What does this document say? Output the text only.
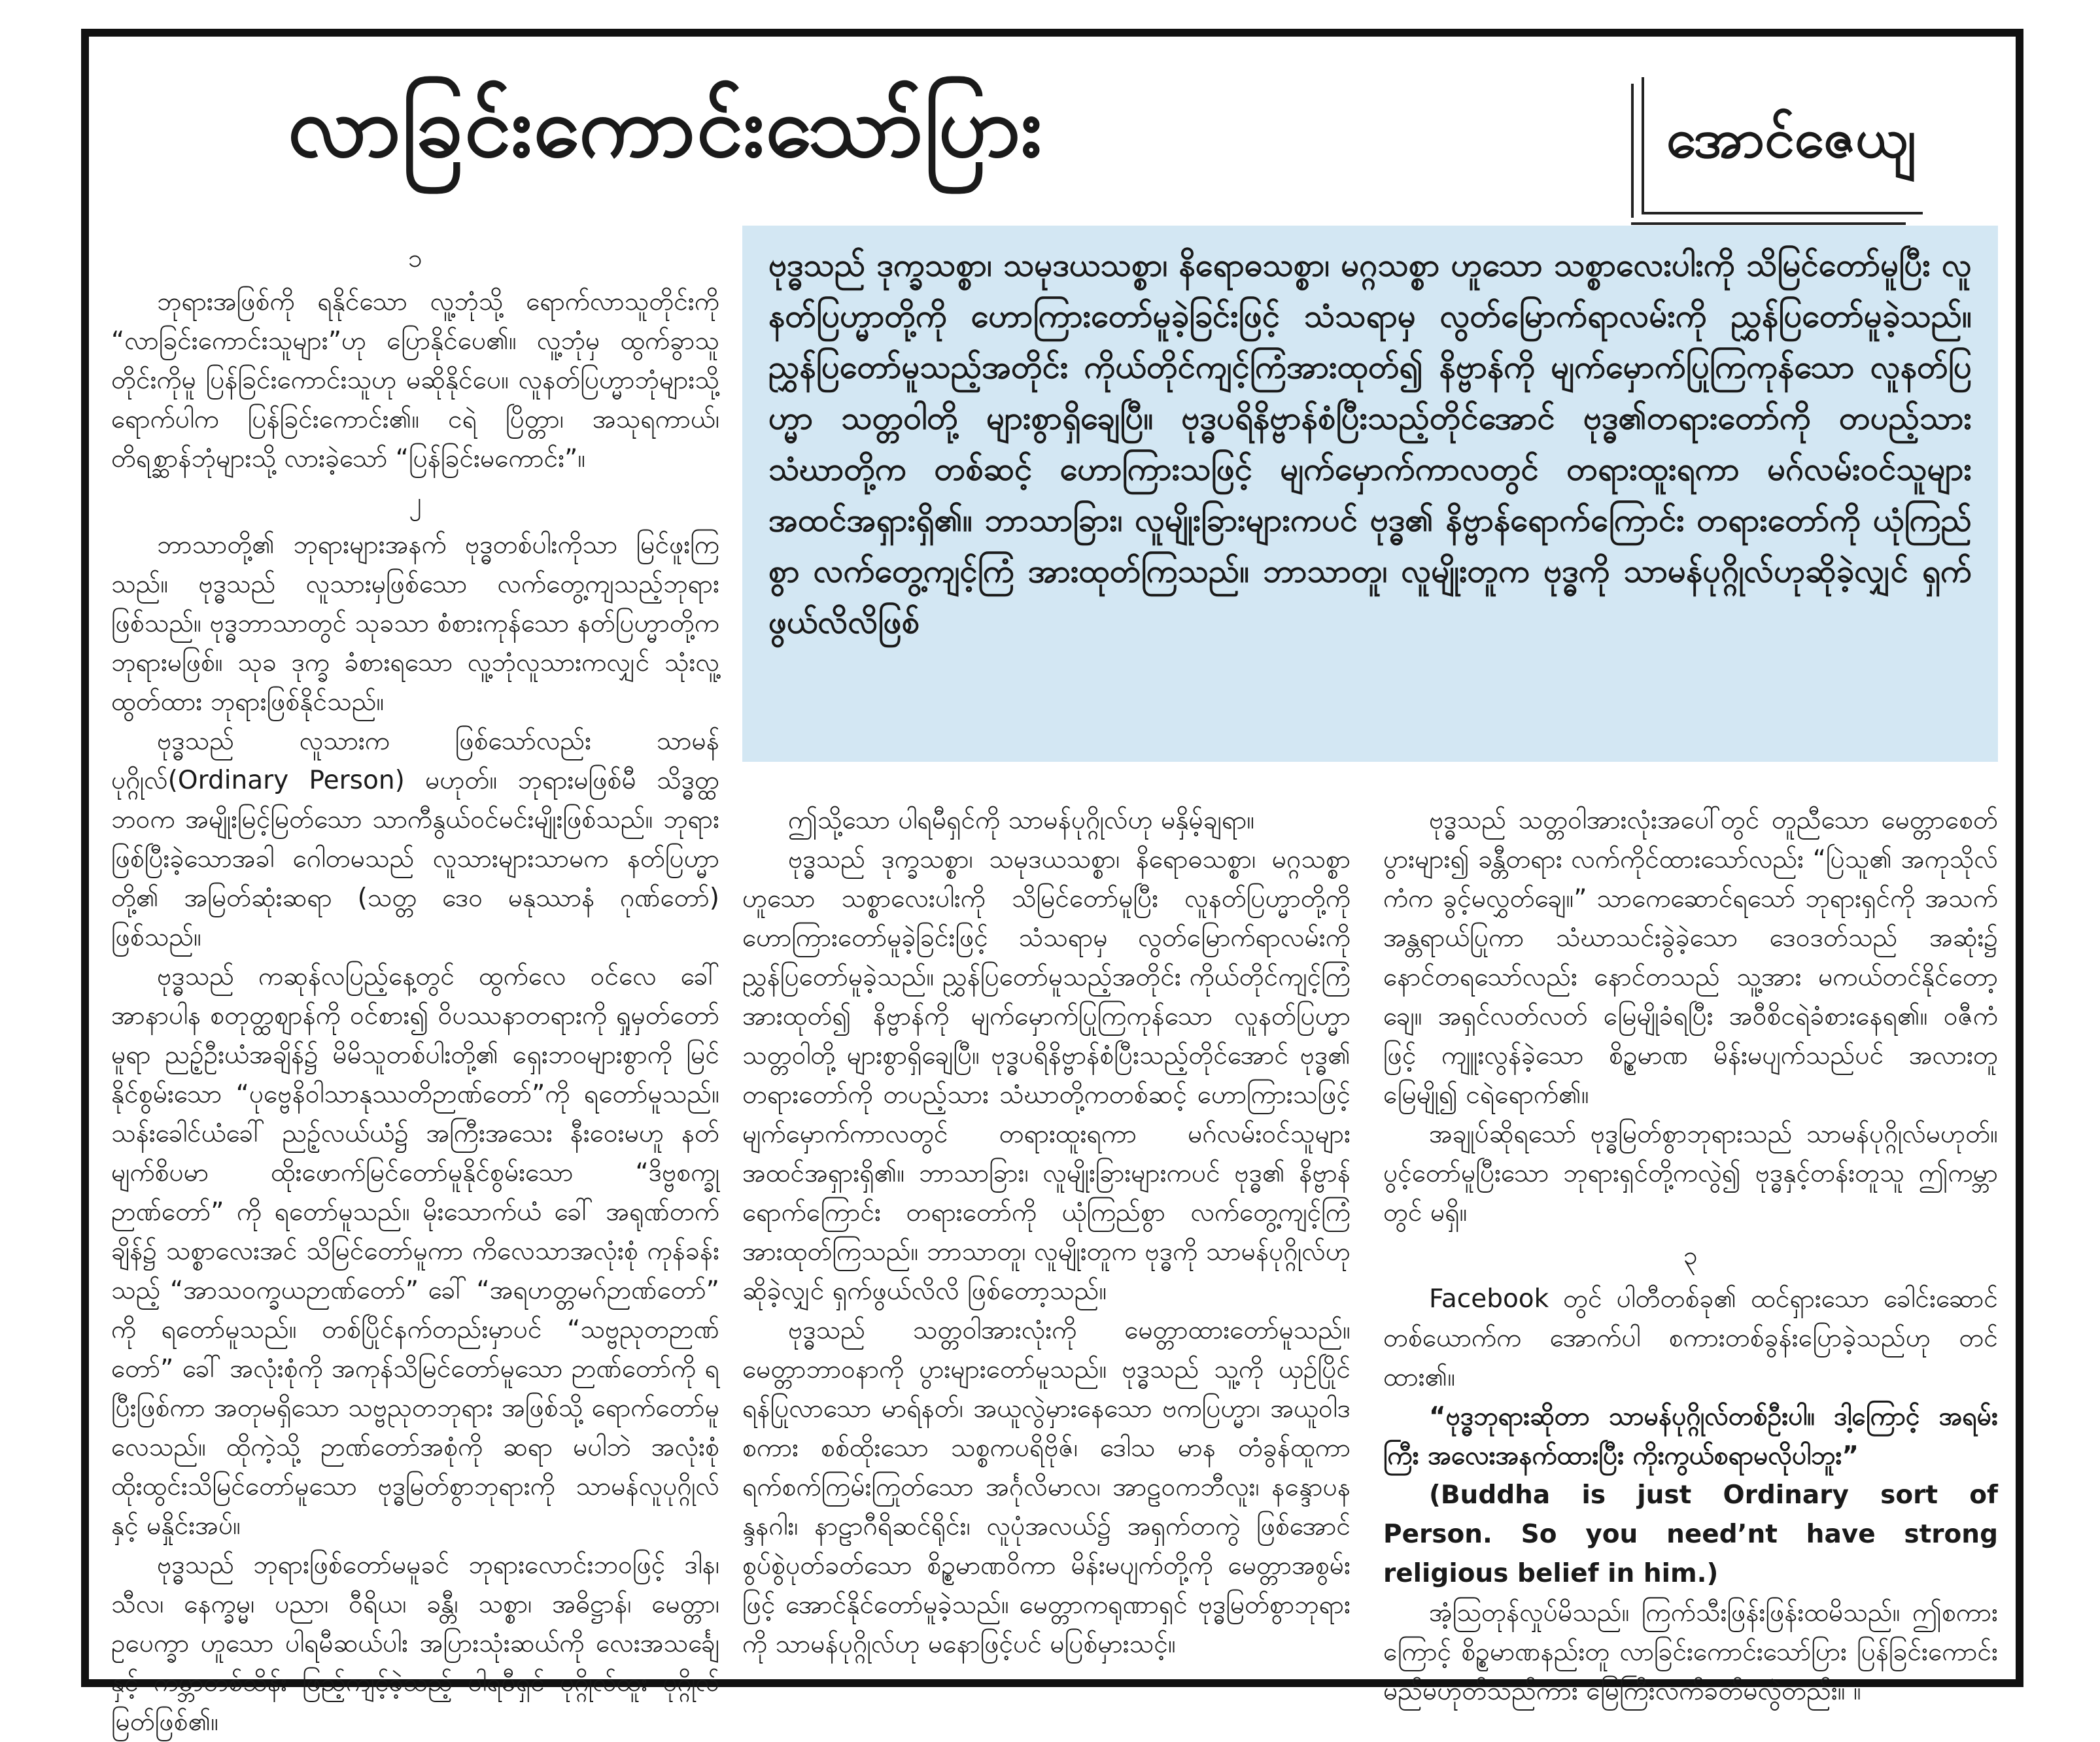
လာခြင်းကောင်းသော်ပြား	အောင်ဇေယျ

ဗုဒ္ဓသည် ဒုက္ခသစ္စာ၊ သမုဒယသစ္စာ၊ နိရောဓသစ္စာ၊ မဂ္ဂသစ္စာ ဟူသော သစ္စာလေးပါးကို သိမြင်တော်မူပြီး လူနတ်ပြဟ္မာတို့ကို ဟောကြားတော်မူခဲ့ခြင်းဖြင့် သံသရာမှ လွတ်မြောက်ရာလမ်းကို ညွှန်ပြတော်မူခဲ့သည်။ ညွှန်ပြတော်မူသည့်အတိုင်း ကိုယ်တိုင်ကျင့်ကြံအားထုတ်၍ နိဗ္ဗာန်ကို မျက်မှောက်ပြုကြကုန်သော လူနတ်ပြဟ္မာ သတ္တဝါတို့ များစွာရှိချေပြီ။ ဗုဒ္ဓပရိနိဗ္ဗာန်စံပြီးသည့်တိုင်အောင် ဗုဒ္ဓ၏တရားတော်ကို တပည့်သား သံဃာတို့က တစ်ဆင့် ဟောကြားသဖြင့် မျက်မှောက်ကာလတွင် တရားထူးရကာ မဂ်လမ်းဝင်သူများ အထင်အရှားရှိ၏။ ဘာသာခြား၊ လူမျိုးခြားများကပင် ဗုဒ္ဓ၏ နိဗ္ဗာန်ရောက်ကြောင်း တရားတော်ကို ယုံကြည်စွာ လက်တွေ့ကျင့်ကြံ အားထုတ်ကြသည်။ ဘာသာတူ၊ လူမျိုးတူက ဗုဒ္ဓကို သာမန်ပုဂ္ဂိုလ်ဟုဆိုခဲ့လျှင် ရှက်ဖွယ်လိလိဖြစ်

၁

ဘုရားအဖြစ်ကို ရနိုင်သော လူ့ဘုံသို့ ရောက်လာသူတိုင်းကို “လာခြင်းကောင်းသူများ”ဟု ပြောနိုင်ပေ၏။ လူ့ဘုံမှ ထွက်ခွာသူတိုင်းကိုမူ ပြန်ခြင်းကောင်းသူဟု မဆိုနိုင်ပေ။ လူနတ်ပြဟ္မာဘုံများသို့ ရောက်ပါက ပြန်ခြင်းကောင်း၏။ ငရဲ ပြိတ္တာ၊ အသုရကာယ်၊ တိရစ္ဆာန်ဘုံများသို့ လားခဲ့သော် “ပြန်ခြင်းမကောင်း”။

၂

ဘာသာတို့၏ ဘုရားများအနက် ဗုဒ္ဓတစ်ပါးကိုသာ မြင်ဖူးကြသည်။ ဗုဒ္ဓသည် လူသားမှဖြစ်သော လက်တွေ့ကျသည့်ဘုရားဖြစ်သည်။ ဗုဒ္ဓဘာသာတွင် သုခသာ စံစားကုန်သော နတ်ပြဟ္မာတို့က ဘုရားမဖြစ်။ သုခ ဒုက္ခ ခံစားရသော လူ့ဘုံလူသားကလျှင် သုံးလူ့ထွတ်ထား ဘုရားဖြစ်နိုင်သည်။

ဗုဒ္ဓသည် လူသားက ဖြစ်သော်လည်း သာမန်ပုဂ္ဂိုလ်(Ordinary Person) မဟုတ်။ ဘုရားမဖြစ်မီ သိဒ္ဓတ္ထ ဘဝက အမျိုးမြင့်မြတ်သော သာကီနွယ်ဝင်မင်းမျိုးဖြစ်သည်။ ဘုရားဖြစ်ပြီးခဲ့သောအခါ ဂေါတမသည် လူသားများသာမက နတ်ပြဟ္မာတို့၏ အမြတ်ဆုံးဆရာ (သတ္တ ဒေဝ မနုဿာနံ ဂုဏ်တော်) ဖြစ်သည်။

ဗုဒ္ဓသည် ကဆုန်လပြည့်နေ့တွင် ထွက်လေ ဝင်လေ ခေါ် အာနာပါန စတုတ္ထဈာန်ကို ဝင်စား၍ ဝိပဿနာတရားကို ရှုမှတ်တော်မူရာ ညဉ့်ဦးယံအချိန်၌ မိမိသူတစ်ပါးတို့၏ ရှေးဘဝများစွာကို မြင်နိုင်စွမ်းသော “ပုဗ္ဗေနိဝါသာနုဿတိဉာဏ်တော်”ကို ရတော်မူသည်။ သန်းခေါင်ယံခေါ် ညဉ့်လယ်ယံ၌ အကြီးအသေး နီးဝေးမဟူ နတ်မျက်စိပမာ ထိုးဖောက်မြင်တော်မူနိုင်စွမ်းသော “ဒိဗ္ဗစက္ခုဉာဏ်တော်” ကို ရတော်မူသည်။ မိုးသောက်ယံ ခေါ် အရုဏ်တက်ချိန်၌ သစ္စာလေးအင် သိမြင်တော်မူကာ ကိလေသာအလုံးစုံ ကုန်ခန်းသည့် “အာသဝက္ခယဉာဏ်တော်” ခေါ် “အရဟတ္တမဂ်ဉာဏ်တော်” ကို ရတော်မူသည်။ တစ်ပြိုင်နက်တည်းမှာပင် “သဗ္ဗညုတဉာဏ်တော်” ခေါ် အလုံးစုံကို အကုန်သိမြင်တော်မူသော ဉာဏ်တော်ကို ရပြီးဖြစ်ကာ အတုမရှိသော သဗ္ဗညုတဘုရား အဖြစ်သို့ ရောက်တော်မူလေသည်။ ထိုကဲ့သို့ ဉာဏ်တော်အစုံကို ဆရာ မပါဘဲ အလုံးစုံထိုးထွင်းသိမြင်တော်မူသော ဗုဒ္ဓမြတ်စွာဘုရားကို သာမန်လူပုဂ္ဂိုလ်နှင့် မနှိုင်းအပ်။

ဗုဒ္ဓသည် ဘုရားဖြစ်တော်မမူခင် ဘုရားလောင်းဘဝဖြင့် ဒါန၊ သီလ၊ နေက္ခမ္မ၊ ပညာ၊ ဝီရိယ၊ ခန္တီ၊ သစ္စာ၊ အဓိဋ္ဌာန်၊ မေတ္တာ၊ ဥပေက္ခာ ဟူသော ပါရမီဆယ်ပါး အပြားသုံးဆယ်ကို လေးအသင်္ချေနှင့် ကမ္ဘာတစ်သိန်း ဖြည့်ကျင့်ခဲ့သည့် ပါရမီရှင် ပုဂ္ဂိုလ်ထူး ပုဂ္ဂိုလ်မြတ်ဖြစ်၏။

ဤသို့သော ပါရမီရှင်ကို သာမန်ပုဂ္ဂိုလ်ဟု မနှိမ့်ချရာ။

ဗုဒ္ဓသည် ဒုက္ခသစ္စာ၊ သမုဒယသစ္စာ၊ နိရောဓသစ္စာ၊ မဂ္ဂသစ္စာ ဟူသော သစ္စာလေးပါးကို သိမြင်တော်မူပြီး လူနတ်ပြဟ္မာတို့ကို ဟောကြားတော်မူခဲ့ခြင်းဖြင့် သံသရာမှ လွတ်မြောက်ရာလမ်းကို ညွှန်ပြတော်မူခဲ့သည်။ ညွှန်ပြတော်မူသည့်အတိုင်း ကိုယ်တိုင်ကျင့်ကြံအားထုတ်၍ နိဗ္ဗာန်ကို မျက်မှောက်ပြုကြကုန်သော လူနတ်ပြဟ္မာ သတ္တဝါတို့ များစွာရှိချေပြီ။ ဗုဒ္ဓပရိနိဗ္ဗာန်စံပြီးသည့်တိုင်အောင် ဗုဒ္ဓ၏ တရားတော်ကို တပည့်သား သံဃာတို့ကတစ်ဆင့် ဟောကြားသဖြင့် မျက်မှောက်ကာလတွင် တရားထူးရကာ မဂ်လမ်းဝင်သူများ အထင်အရှားရှိ၏။ ဘာသာခြား၊ လူမျိုးခြားများကပင် ဗုဒ္ဓ၏ နိဗ္ဗာန်ရောက်ကြောင်း တရားတော်ကို ယုံကြည်စွာ လက်တွေ့ကျင့်ကြံအားထုတ်ကြသည်။ ဘာသာတူ၊ လူမျိုးတူက ဗုဒ္ဓကို သာမန်ပုဂ္ဂိုလ်ဟုဆိုခဲ့လျှင် ရှက်ဖွယ်လိလိ ဖြစ်တော့သည်။

ဗုဒ္ဓသည် သတ္တဝါအားလုံးကို မေတ္တာထားတော်မူသည်။ မေတ္တာဘာဝနာကို ပွားများတော်မူသည်။ ဗုဒ္ဓသည် သူ့ကို ယှဉ်ပြိုင်ရန်ပြုလာသော မာရ်နတ်၊ အယူလွဲမှားနေသော ဗကပြဟ္မာ၊ အယူဝါဒစကား စစ်ထိုးသော သစ္စကပရိဗိုဇ်၊ ဒေါသ မာန တံခွန်ထူကာ ရက်စက်ကြမ်းကြုတ်သော အင်္ဂုလိမာလ၊ အာဠဝကဘီလူး၊ နန္ဒောပနန္ဒနဂါး၊ နာဠာဂီရိဆင်ရိုင်း၊ လူပုံအလယ်၌ အရှက်တကွဲ ဖြစ်အောင် စွပ်စွဲပုတ်ခတ်သော စိဉ္စမာဏဝိကာ မိန်းမပျက်တို့ကို မေတ္တာအစွမ်းဖြင့် အောင်နိုင်တော်မူခဲ့သည်။ မေတ္တာကရုဏာရှင် ဗုဒ္ဓမြတ်စွာဘုရားကို သာမန်ပုဂ္ဂိုလ်ဟု မနောဖြင့်ပင် မပြစ်မှားသင့်။

ဗုဒ္ဓသည် သတ္တဝါအားလုံးအပေါ်တွင် တူညီသော မေတ္တာစေတ်ပွားများ၍ ခန္တီတရား လက်ကိုင်ထားသော်လည်း “ပြဲသူ၏ အကုသိုလ်ကံက ခွင့်မလွှတ်ချေ။” သာကေဆောင်ရသော် ဘုရားရှင်ကို အသက်အန္တရာယ်ပြုကာ သံဃာသင်းခွဲခဲ့သော ဒေဝဒတ်သည် အဆုံး၌ နောင်တရသော်လည်း နောင်တသည် သူ့အား မကယ်တင်နိုင်တော့ချေ။ အရှင်လတ်လတ် မြေမျိုခံရပြီး အဝီစိငရဲခံစားနေရ၏။ ဝဇီကံဖြင့် ကျူးလွန်ခဲ့သော စိဉ္စမာဏ မိန်းမပျက်သည်ပင် အလားတူ မြေမျို၍ ငရဲရောက်၏။

အချုပ်ဆိုရသော် ဗုဒ္ဓမြတ်စွာဘုရားသည် သာမန်ပုဂ္ဂိုလ်မဟုတ်။ ပွင့်တော်မူပြီးသော ဘုရားရှင်တို့ကလွဲ၍ ဗုဒ္ဓနှင့်တန်းတူသူ ဤကမ္ဘာတွင် မရှိ။

၃

Facebook တွင် ပါတီတစ်ခု၏ ထင်ရှားသော ခေါင်းဆောင်တစ်ယောက်က အောက်ပါ စကားတစ်ခွန်းပြောခဲ့သည်ဟု တင်ထား၏။

“ဗုဒ္ဓဘုရားဆိုတာ သာမန်ပုဂ္ဂိုလ်တစ်ဦးပါ။ ဒါ့ကြောင့် အရမ်းကြီး အလေးအနက်ထားပြီး ကိုးကွယ်စရာမလိုပါဘူး”

(Buddha is just Ordinary sort of Person. So you need’nt have strong religious belief in him.)

အံ့သြတုန်လှုပ်မိသည်။ ကြက်သီးဖြန်းဖြန်းထမိသည်။ ဤစကားကြောင့် စိဉ္စမာဏနည်းတူ လာခြင်းကောင်းသော်ပြား ပြန်ခြင်းကောင်းမည်မဟုတ်သည်ကား မြေကြီးလက်ခတ်မလွဲတည်း။ ။
